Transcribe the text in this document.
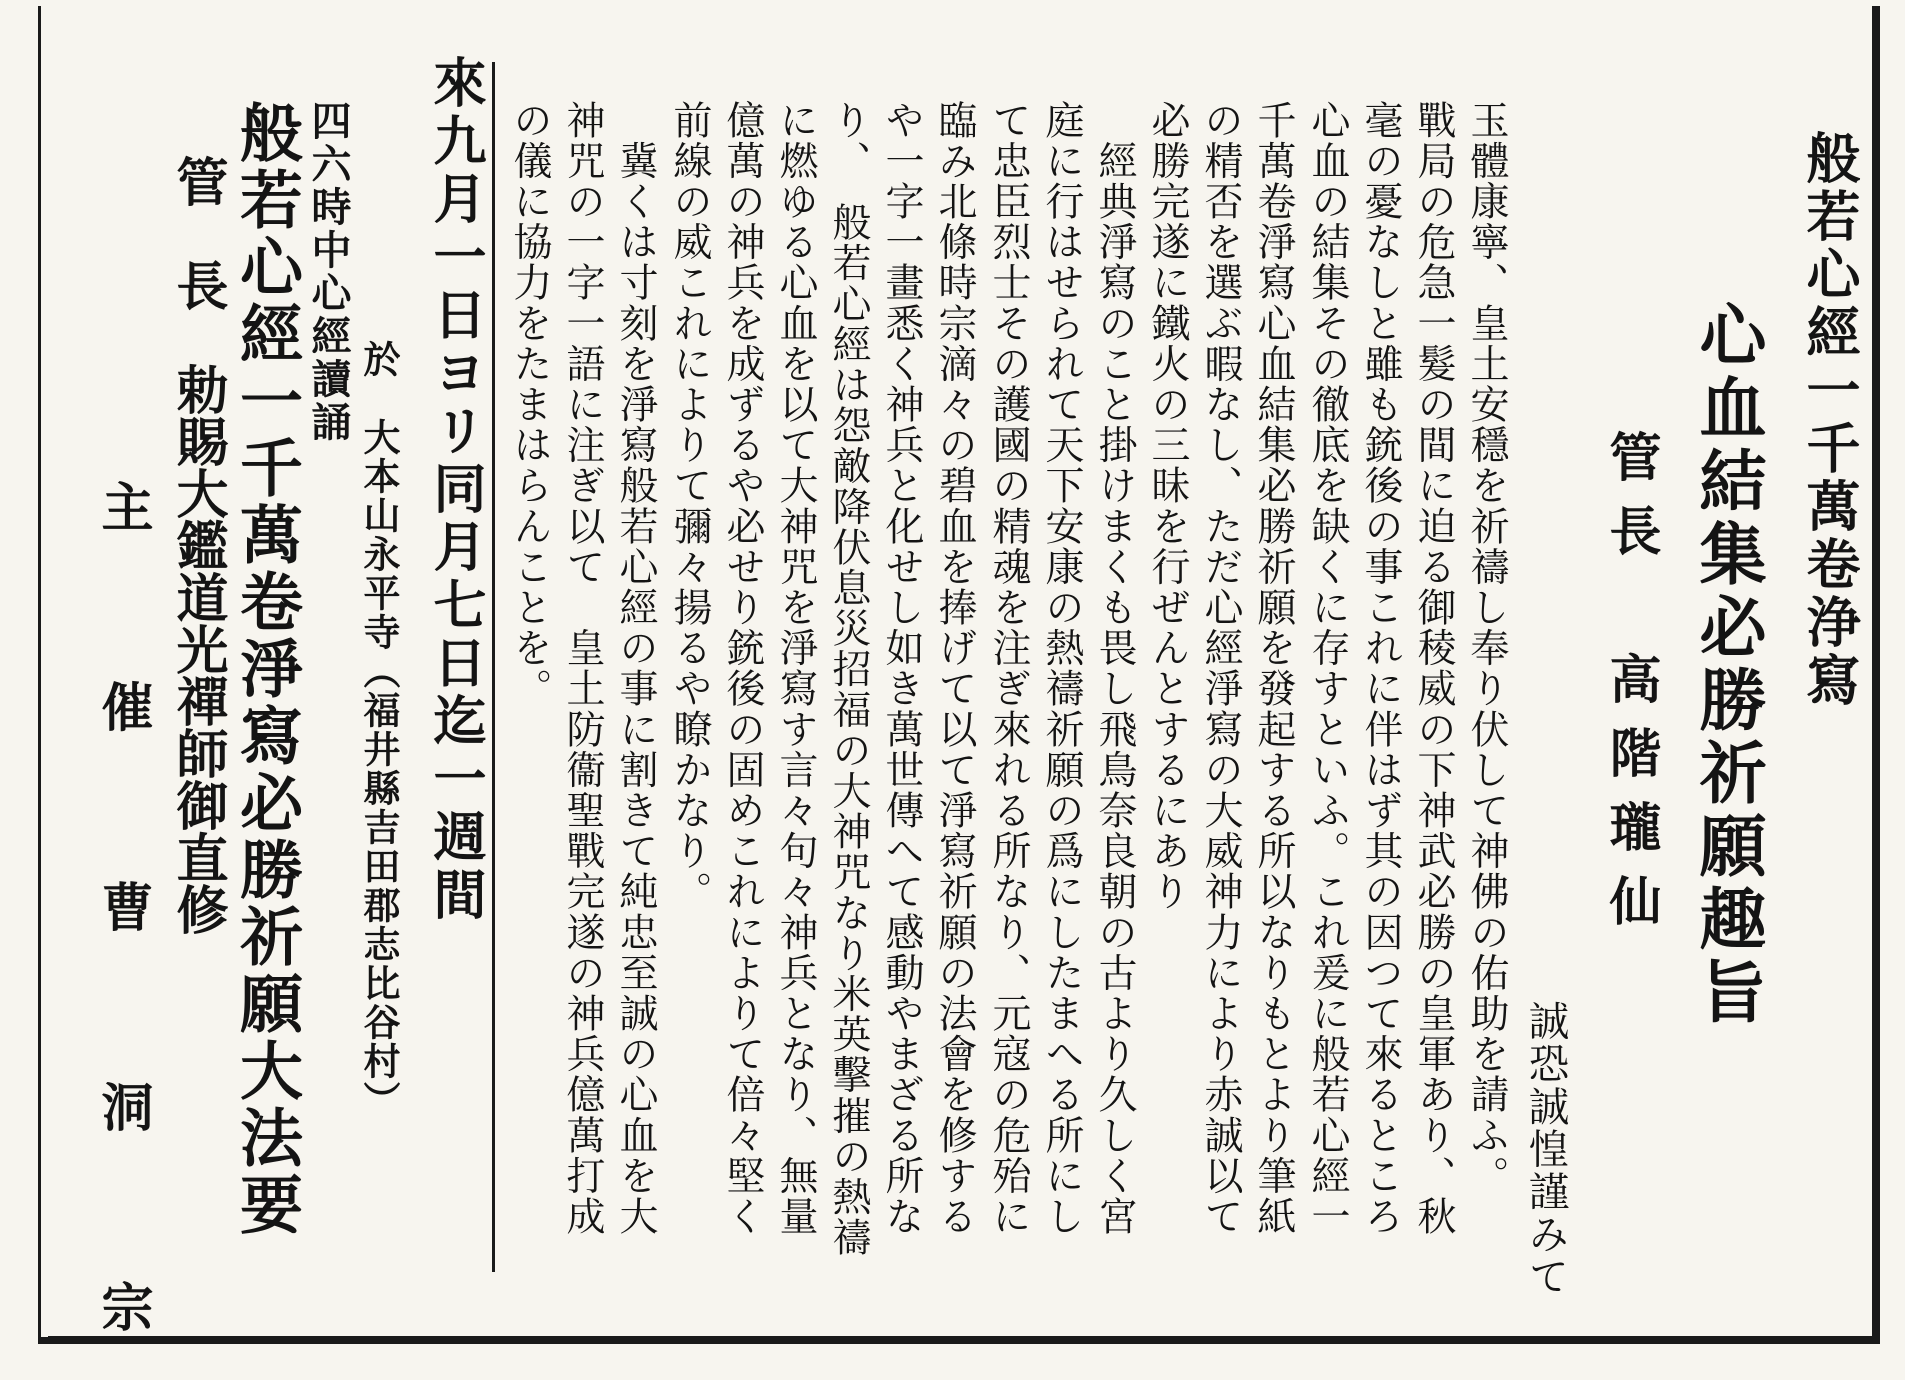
般若心經一千萬卷浄寫
心血結集必勝祈願趣旨
管長　高階瓏仙
誠恐誠惶謹みて
來九月一日ヨリ同月七日迄一週間
於　大本山永平寺（福井縣吉田郡志比谷村）
四六時中心經讀誦
般若心經一千萬卷淨寫必勝祈願大法要
管　長　勅賜大鑑道光禪師御直修
主　催　曹　洞　宗	玉體康寧、皇土安穩を祈禱し奉り伏して神佛の佑助を請ふ。
戰局の危急一髮の間に迫る御稜威の下神武必勝の皇軍あり、秋
毫の憂なしと雖も銃後の事これに伴はず其の因つて來るところ
心血の結集その徹底を缺くに存すといふ。これ爰に般若心經一
千萬卷淨寫心血結集必勝祈願を發起する所以なりもとより筆紙
の精否を選ぶ暇なし、ただ心經淨寫の大威神力により赤誠以て
必勝完遂に鐵火の三昧を行ぜんとするにあり
　經典淨寫のこと掛けまくも畏し飛鳥奈良朝の古より久しく宮
庭に行はせられて天下安康の熱禱祈願の爲にしたまへる所にし
て忠臣烈士その護國の精魂を注ぎ來れる所なり、元寇の危殆に
臨み北條時宗滴々の碧血を捧げて以て淨寫祈願の法會を修する
や一字一畫悉く神兵と化せし如き萬世傳へて感動やまざる所な
り、　般若心經は怨敵降伏息災招福の大神咒なり米英擊摧の熱禱
に燃ゆる心血を以て大神咒を淨寫す言々句々神兵となり、無量
億萬の神兵を成ずるや必せり銃後の固めこれによりて倍々堅く
前線の威これによりて彌々揚るや瞭かなり。
　冀くは寸刻を淨寫般若心經の事に割きて純忠至誠の心血を大
神咒の一字一語に注ぎ以て　皇土防衞聖戰完遂の神兵億萬打成
の儀に協力をたまはらんことを。
